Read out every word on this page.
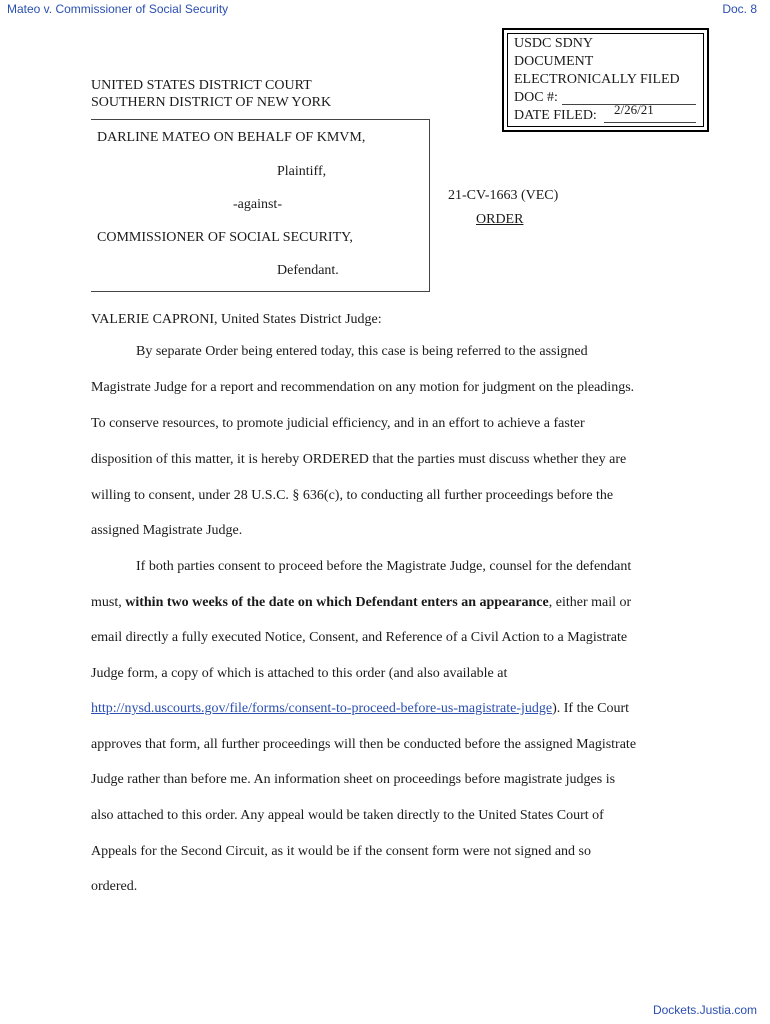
Mateo v. Commissioner of Social Security	Doc. 8
USDC SDNY
DOCUMENT
ELECTRONICALLY FILED
DOC #:
DATE FILED: 2/26/21
UNITED STATES DISTRICT COURT
SOUTHERN DISTRICT OF NEW YORK
DARLINE MATEO ON BEHALF OF KMVM,
Plaintiff,
-against-
COMMISSIONER OF SOCIAL SECURITY,
Defendant.
21-CV-1663 (VEC)
ORDER
VALERIE CAPRONI, United States District Judge:
By separate Order being entered today, this case is being referred to the assigned
Magistrate Judge for a report and recommendation on any motion for judgment on the pleadings.
To conserve resources, to promote judicial efficiency, and in an effort to achieve a faster
disposition of this matter, it is hereby ORDERED that the parties must discuss whether they are
willing to consent, under 28 U.S.C. § 636(c), to conducting all further proceedings before the
assigned Magistrate Judge.
If both parties consent to proceed before the Magistrate Judge, counsel for the defendant
must, within two weeks of the date on which Defendant enters an appearance, either mail or
email directly a fully executed Notice, Consent, and Reference of a Civil Action to a Magistrate
Judge form, a copy of which is attached to this order (and also available at
http://nysd.uscourts.gov/file/forms/consent-to-proceed-before-us-magistrate-judge). If the Court
approves that form, all further proceedings will then be conducted before the assigned Magistrate
Judge rather than before me. An information sheet on proceedings before magistrate judges is
also attached to this order. Any appeal would be taken directly to the United States Court of
Appeals for the Second Circuit, as it would be if the consent form were not signed and so
ordered.
Dockets.Justia.com
